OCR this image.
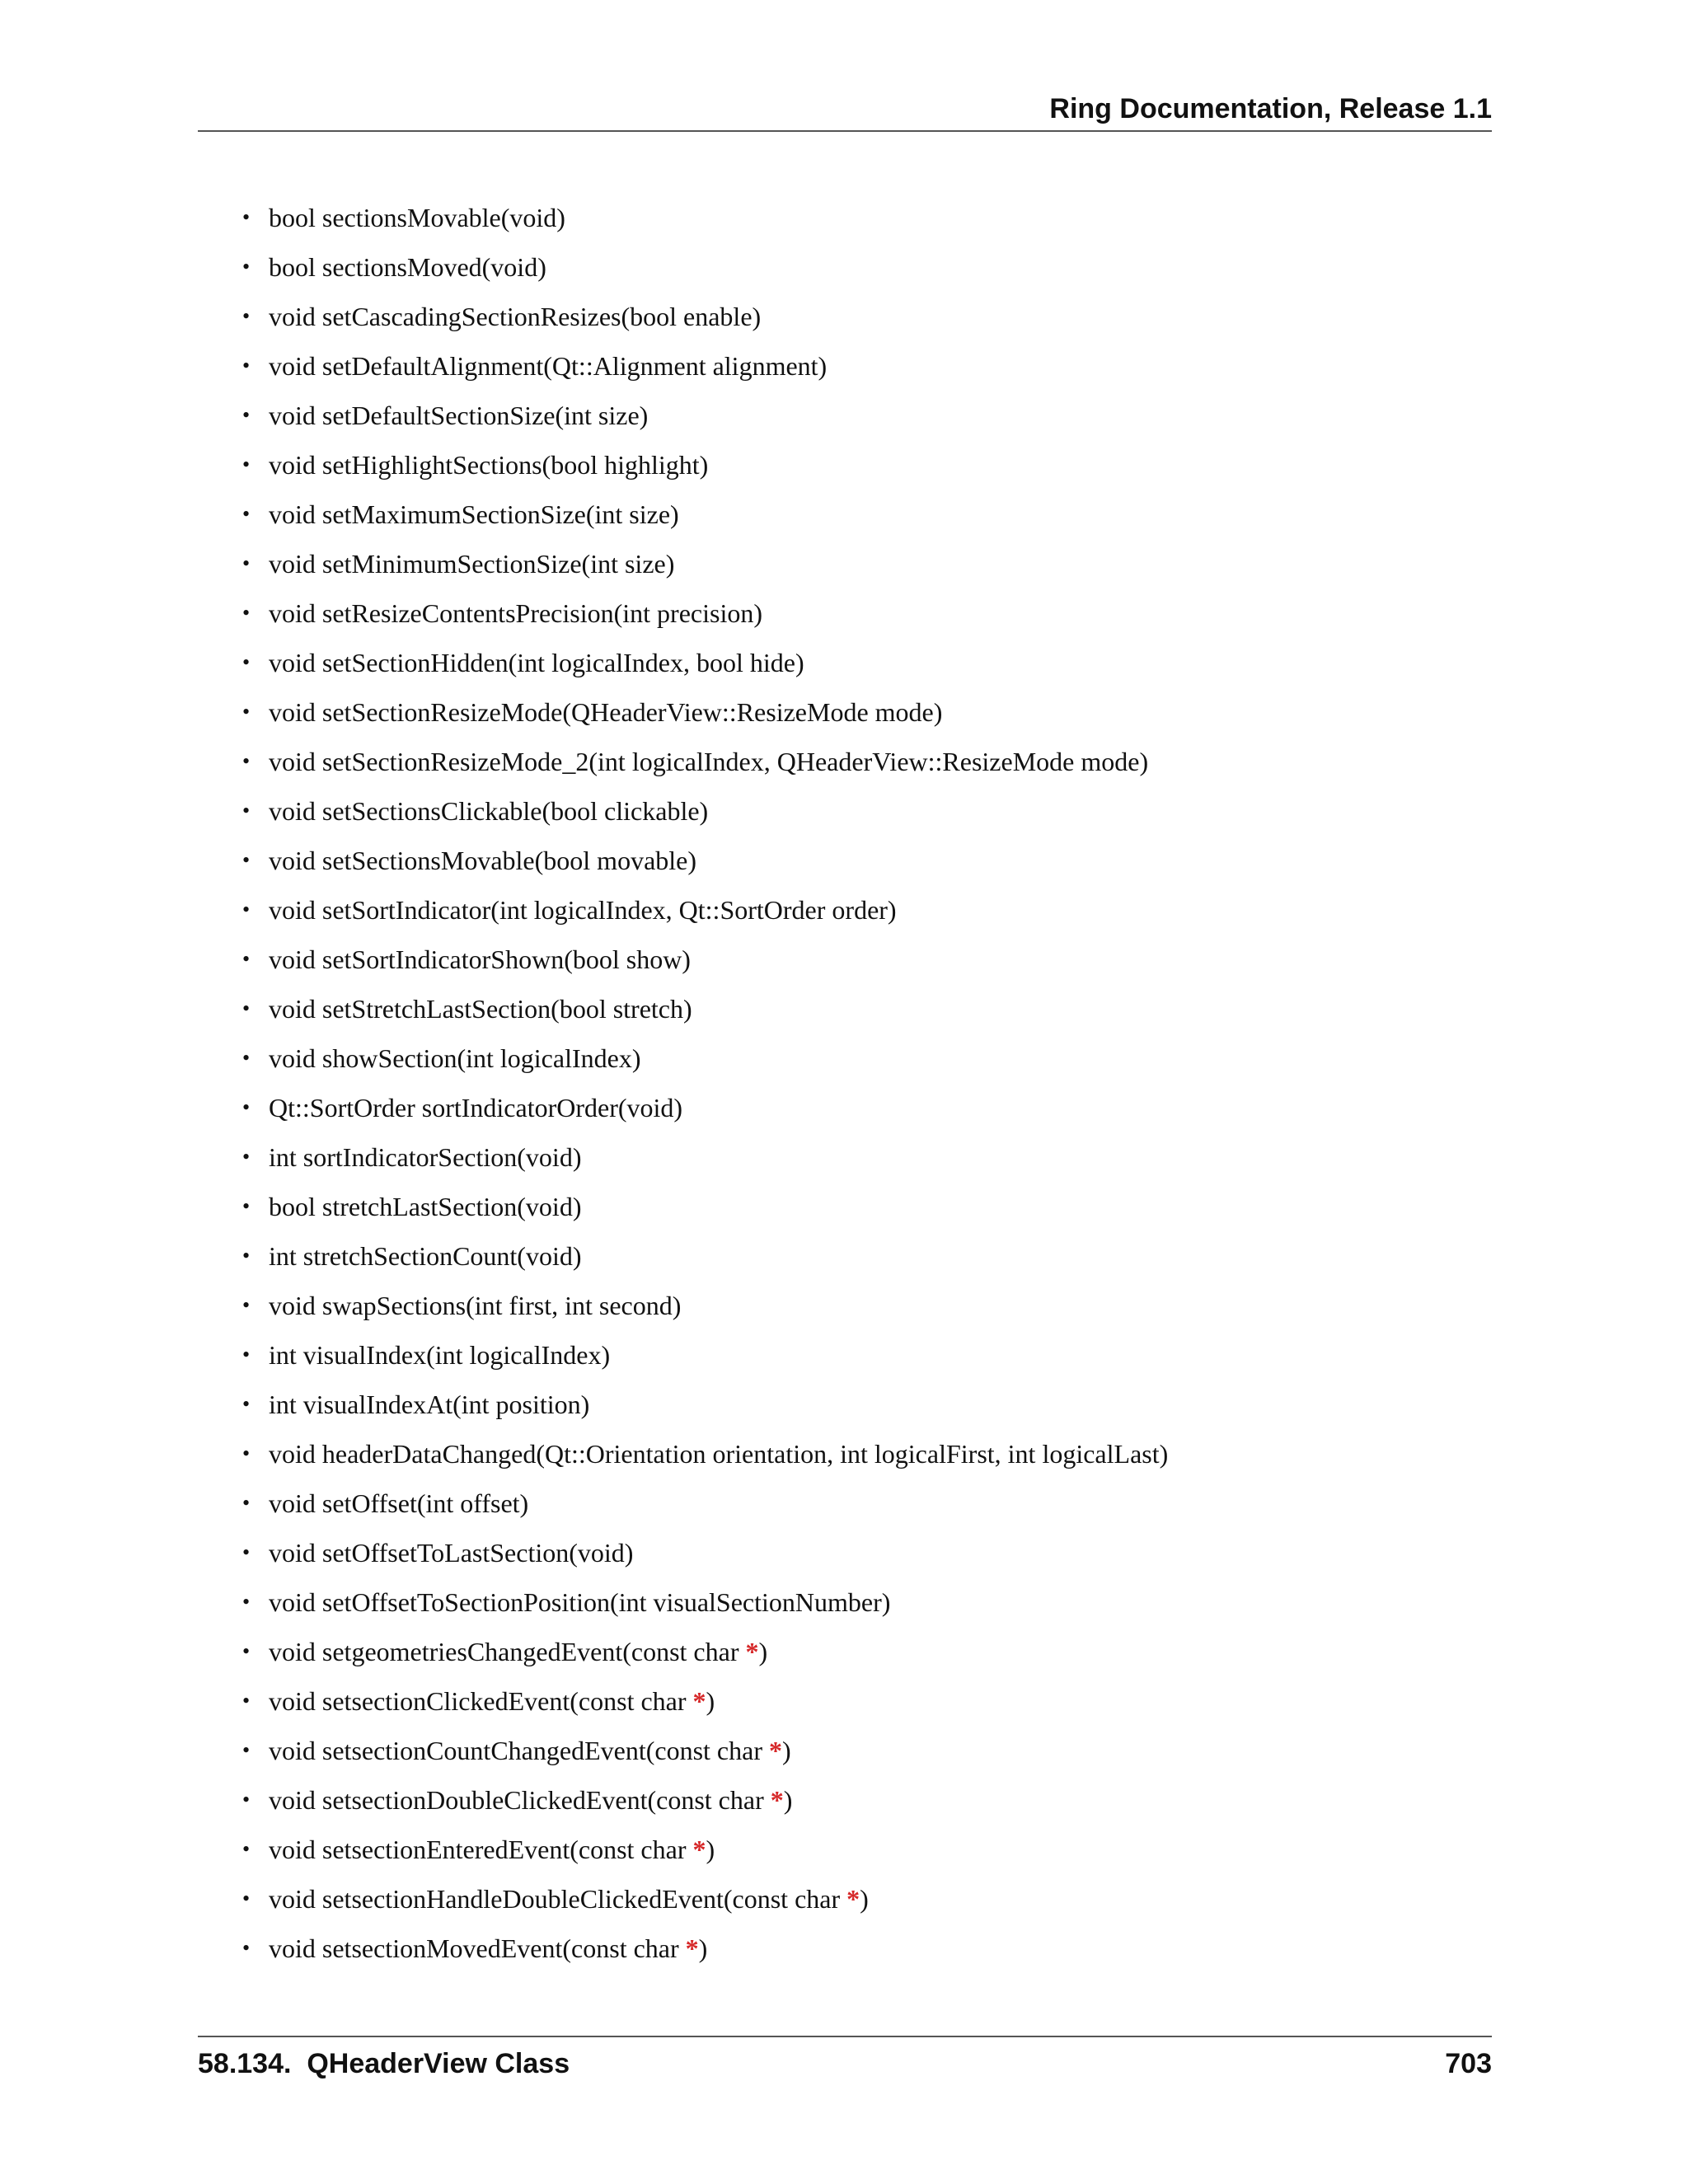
Ring Documentation, Release 1.1
• bool sectionsMovable(void)
• bool sectionsMoved(void)
• void setCascadingSectionResizes(bool enable)
• void setDefaultAlignment(Qt::Alignment alignment)
• void setDefaultSectionSize(int size)
• void setHighlightSections(bool highlight)
• void setMaximumSectionSize(int size)
• void setMinimumSectionSize(int size)
• void setResizeContentsPrecision(int precision)
• void setSectionHidden(int logicalIndex, bool hide)
• void setSectionResizeMode(QHeaderView::ResizeMode mode)
• void setSectionResizeMode_2(int logicalIndex, QHeaderView::ResizeMode mode)
• void setSectionsClickable(bool clickable)
• void setSectionsMovable(bool movable)
• void setSortIndicator(int logicalIndex, Qt::SortOrder order)
• void setSortIndicatorShown(bool show)
• void setStretchLastSection(bool stretch)
• void showSection(int logicalIndex)
• Qt::SortOrder sortIndicatorOrder(void)
• int sortIndicatorSection(void)
• bool stretchLastSection(void)
• int stretchSectionCount(void)
• void swapSections(int first, int second)
• int visualIndex(int logicalIndex)
• int visualIndexAt(int position)
• void headerDataChanged(Qt::Orientation orientation, int logicalFirst, int logicalLast)
• void setOffset(int offset)
• void setOffsetToLastSection(void)
• void setOffsetToSectionPosition(int visualSectionNumber)
• void setgeometriesChangedEvent(const char *)
• void setsectionClickedEvent(const char *)
• void setsectionCountChangedEvent(const char *)
• void setsectionDoubleClickedEvent(const char *)
• void setsectionEnteredEvent(const char *)
• void setsectionHandleDoubleClickedEvent(const char *)
• void setsectionMovedEvent(const char *)
58.134.  QHeaderView Class	703
